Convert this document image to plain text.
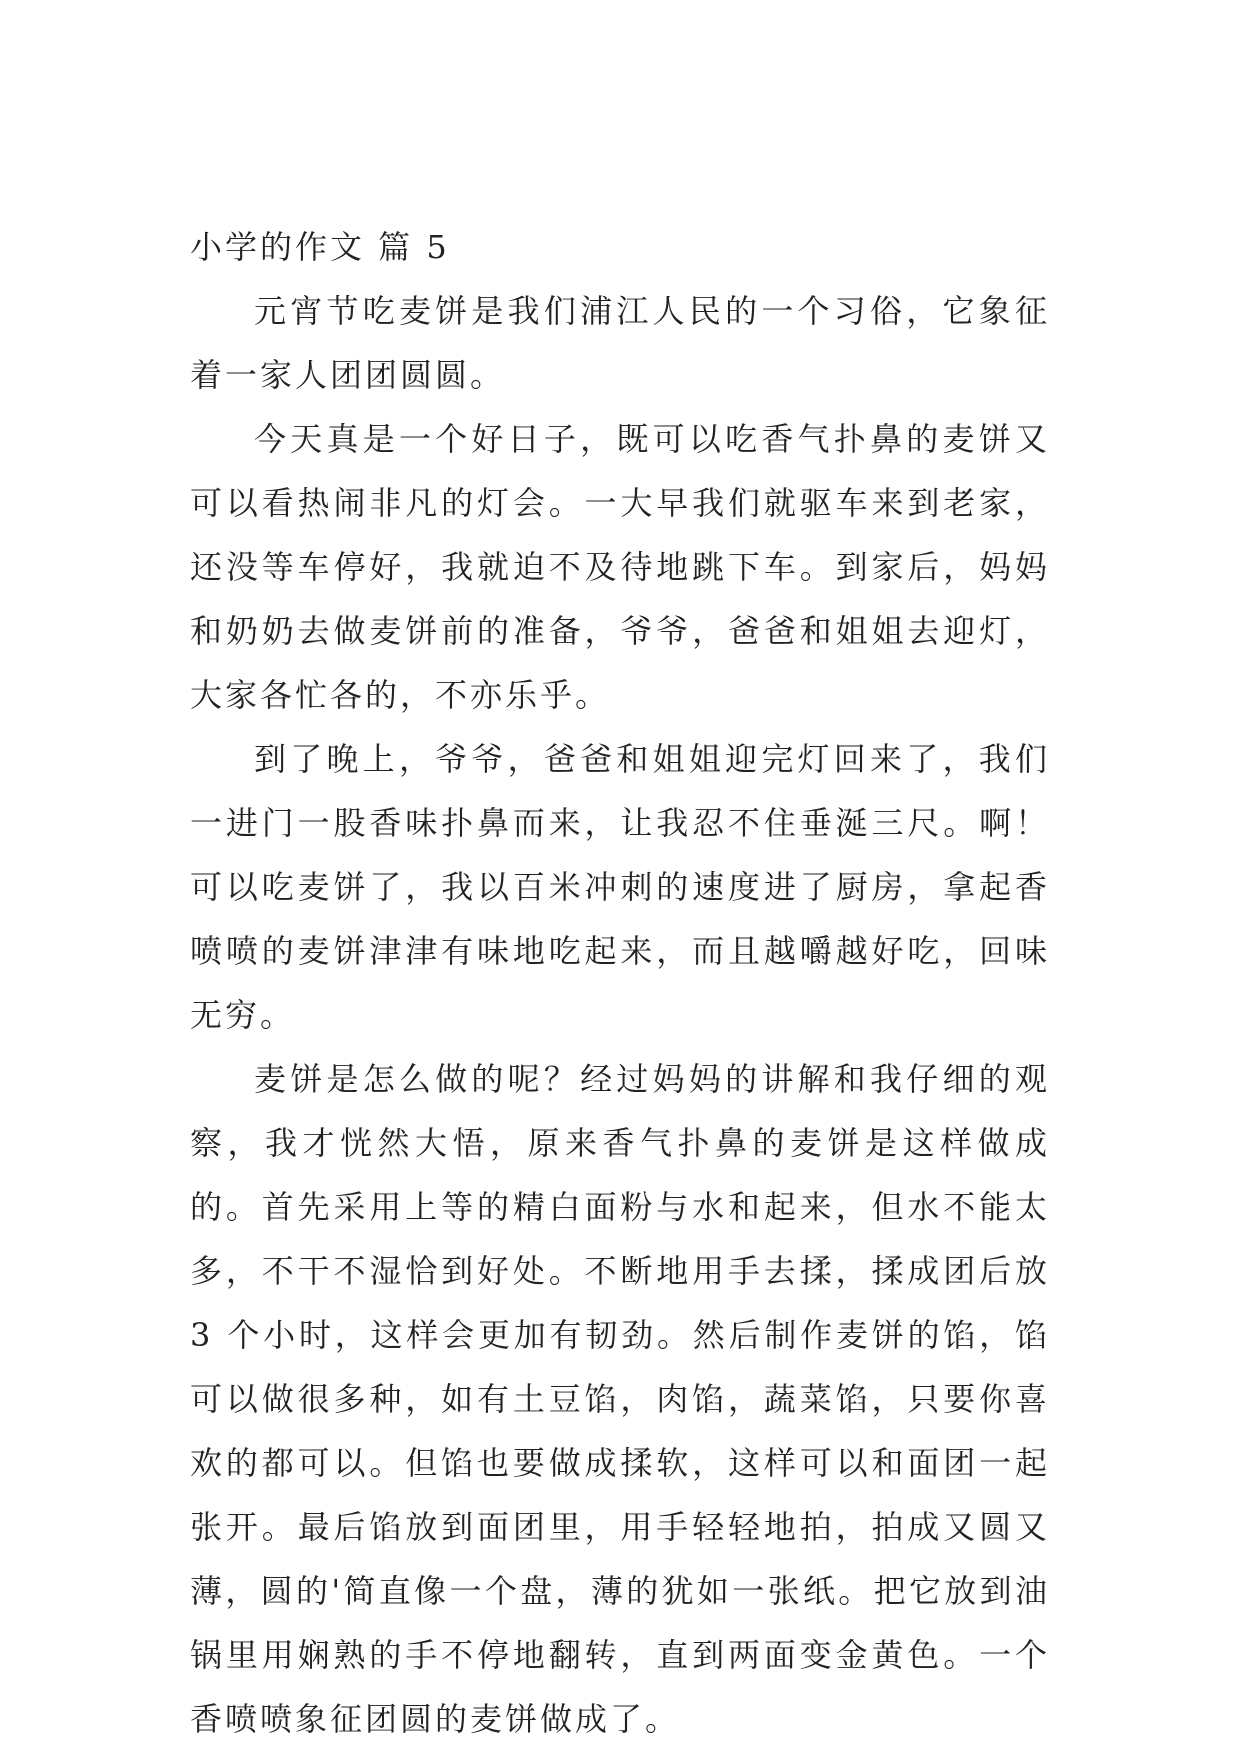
小学的作文 篇 5

元宵节吃麦饼是我们浦江人民的一个习俗，它象征着一家人团团圆圆。

今天真是一个好日子，既可以吃香气扑鼻的麦饼又可以看热闹非凡的灯会。一大早我们就驱车来到老家，还没等车停好，我就迫不及待地跳下车。到家后，妈妈和奶奶去做麦饼前的准备，爷爷，爸爸和姐姐去迎灯，大家各忙各的，不亦乐乎。

到了晚上，爷爷，爸爸和姐姐迎完灯回来了，我们一进门一股香味扑鼻而来，让我忍不住垂涎三尺。啊！可以吃麦饼了，我以百米冲刺的速度进了厨房，拿起香喷喷的麦饼津津有味地吃起来，而且越嚼越好吃，回味无穷。

麦饼是怎么做的呢？经过妈妈的讲解和我仔细的观察，我才恍然大悟，原来香气扑鼻的麦饼是这样做成的。首先采用上等的精白面粉与水和起来，但水不能太多，不干不湿恰到好处。不断地用手去揉，揉成团后放 3 个小时，这样会更加有韧劲。然后制作麦饼的馅，馅可以做很多种，如有土豆馅，肉馅，蔬菜馅，只要你喜欢的都可以。但馅也要做成揉软，这样可以和面团一起张开。最后馅放到面团里，用手轻轻地拍，拍成又圆又薄，圆的'简直像一个盘，薄的犹如一张纸。把它放到油锅里用娴熟的手不停地翻转，直到两面变金黄色。一个香喷喷象征团圆的麦饼做成了。
